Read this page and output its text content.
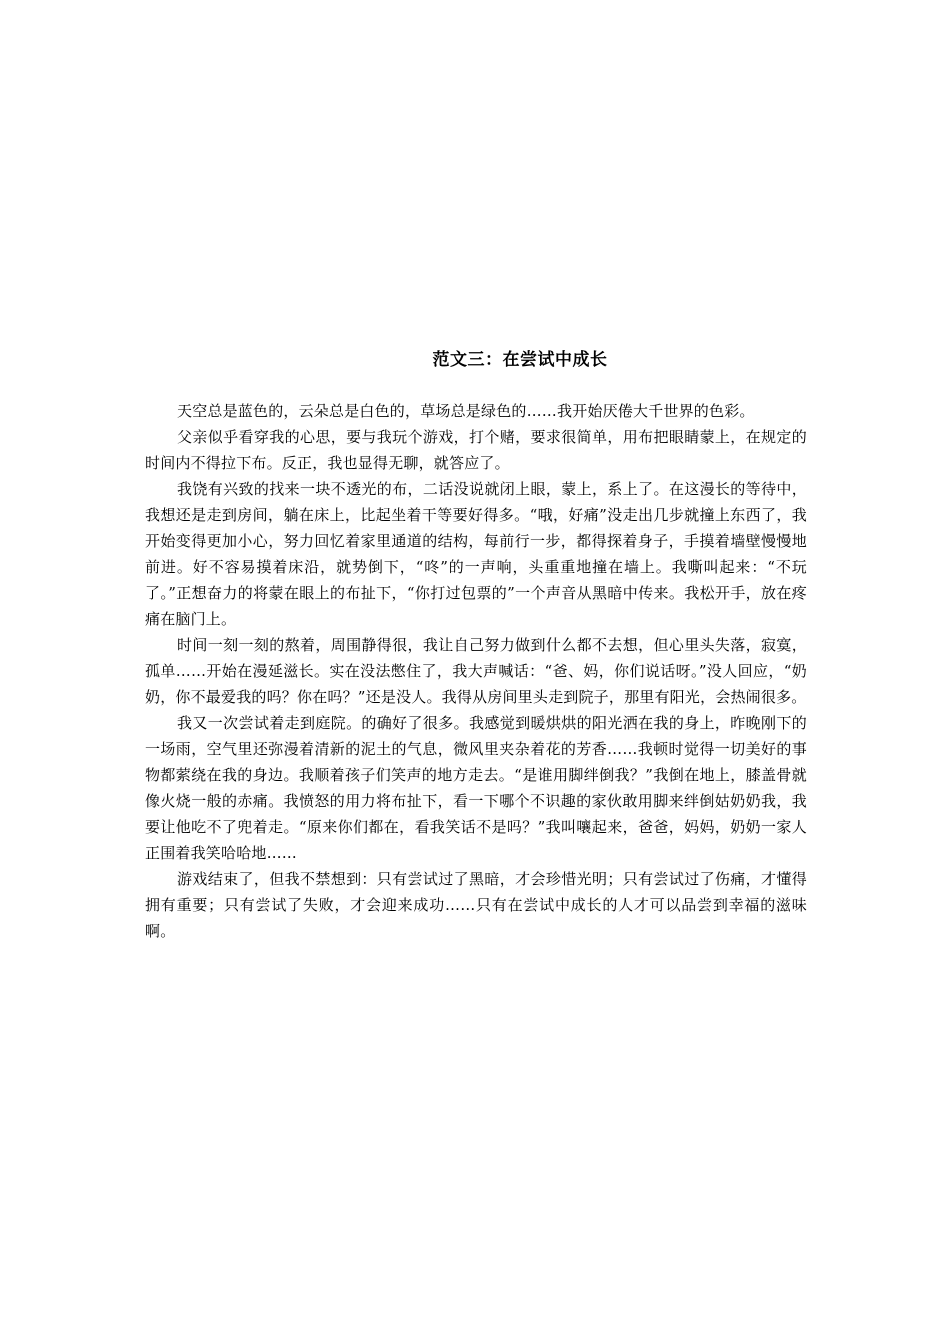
范文三：在尝试中成长

天空总是蓝色的，云朵总是白色的，草场总是绿色的……我开始厌倦大千世界的色彩。

父亲似乎看穿我的心思，要与我玩个游戏，打个赌，要求很简单，用布把眼睛蒙上，在规定的时间内不得拉下布。反正，我也显得无聊，就答应了。

我饶有兴致的找来一块不透光的布，二话没说就闭上眼，蒙上，系上了。在这漫长的等待中，我想还是走到房间，躺在床上，比起坐着干等要好得多。“哦，好痛”没走出几步就撞上东西了，我开始变得更加小心，努力回忆着家里通道的结构，每前行一步，都得探着身子，手摸着墙壁慢慢地前进。好不容易摸着床沿，就势倒下，“咚”的一声响，头重重地撞在墙上。我嘶叫起来：“不玩了。”正想奋力的将蒙在眼上的布扯下，“你打过包票的”一个声音从黑暗中传来。我松开手，放在疼痛在脑门上。

时间一刻一刻的熬着，周围静得很，我让自己努力做到什么都不去想，但心里头失落，寂寞，孤单……开始在漫延滋长。实在没法憋住了，我大声喊话：“爸、妈，你们说话呀。”没人回应，“奶奶，你不最爱我的吗？你在吗？”还是没人。我得从房间里头走到院子，那里有阳光，会热闹很多。

我又一次尝试着走到庭院。的确好了很多。我感觉到暖烘烘的阳光洒在我的身上，昨晚刚下的一场雨，空气里还弥漫着清新的泥土的气息，微风里夹杂着花的芳香……我顿时觉得一切美好的事物都萦绕在我的身边。我顺着孩子们笑声的地方走去。“是谁用脚绊倒我？”我倒在地上，膝盖骨就像火烧一般的赤痛。我愤怒的用力将布扯下，看一下哪个不识趣的家伙敢用脚来绊倒姑奶奶我，我要让他吃不了兜着走。“原来你们都在，看我笑话不是吗？”我叫嚷起来，爸爸，妈妈，奶奶一家人正围着我笑哈哈地……

游戏结束了，但我不禁想到：只有尝试过了黑暗，才会珍惜光明；只有尝试过了伤痛，才懂得拥有重要；只有尝试了失败，才会迎来成功……只有在尝试中成长的人才可以品尝到幸福的滋味啊。
